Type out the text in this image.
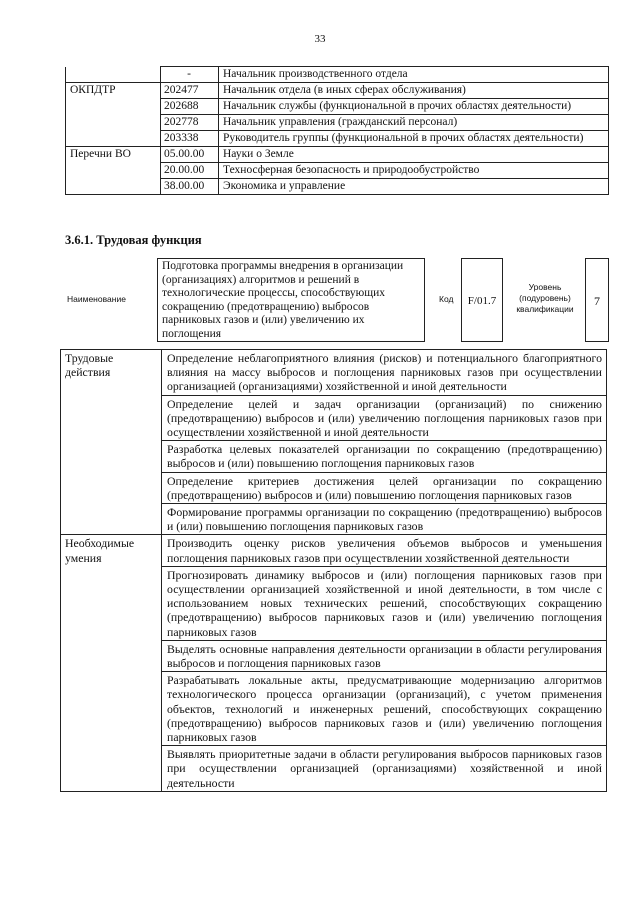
33
	-	Начальник производственного отдела
ОКПДТР	202477	Начальник отдела (в иных сферах обслуживания)
	202688	Начальник службы (функциональной в прочих областях деятельности)
	202778	Начальник управления (гражданский персонал)
	203338	Руководитель группы (функциональной в прочих областях деятельности)
Перечни ВО	05.00.00	Науки о Земле
	20.00.00	Техносферная безопасность и природообустройство
	38.00.00	Экономика и управление
3.6.1. Трудовая функция
Наименование
Подготовка программы внедрения в организации (организациях) алгоритмов и решений в технологические процессы, способствующих сокращению (предотвращению) выбросов парниковых газов и (или) увеличению их поглощения
Код	F/01.7
Уровень (подуровень) квалификации
7
Трудовые действия	Определение неблагоприятного влияния (рисков) и потенциального благоприятного влияния на массу выбросов и поглощения парниковых газов при осуществлении организацией (организациями) хозяйственной и иной деятельности
	Определение целей и задач организации (организаций) по снижению (предотвращению) выбросов и (или) увеличению поглощения парниковых газов при осуществлении хозяйственной и иной деятельности
	Разработка целевых показателей организации по сокращению (предотвращению) выбросов и (или) повышению поглощения парниковых газов
	Определение критериев достижения целей организации по сокращению (предотвращению) выбросов и (или) повышению поглощения парниковых газов
	Формирование программы организации по сокращению (предотвращению) выбросов и (или) повышению поглощения парниковых газов
Необходимые умения	Производить оценку рисков увеличения объемов выбросов и уменьшения поглощения парниковых газов при осуществлении хозяйственной деятельности
	Прогнозировать динамику выбросов и (или) поглощения парниковых газов при осуществлении организацией хозяйственной и иной деятельности, в том числе с использованием новых технических решений, способствующих сокращению (предотвращению) выбросов парниковых газов и (или) увеличению поглощения парниковых газов
	Выделять основные направления деятельности организации в области регулирования выбросов и поглощения парниковых газов
	Разрабатывать локальные акты, предусматривающие модернизацию алгоритмов технологического процесса организации (организаций), с учетом применения объектов, технологий и инженерных решений, способствующих сокращению (предотвращению) выбросов парниковых газов и (или) увеличению поглощения парниковых газов
	Выявлять приоритетные задачи в области регулирования выбросов парниковых газов при осуществлении организацией (организациями) хозяйственной и иной деятельности
